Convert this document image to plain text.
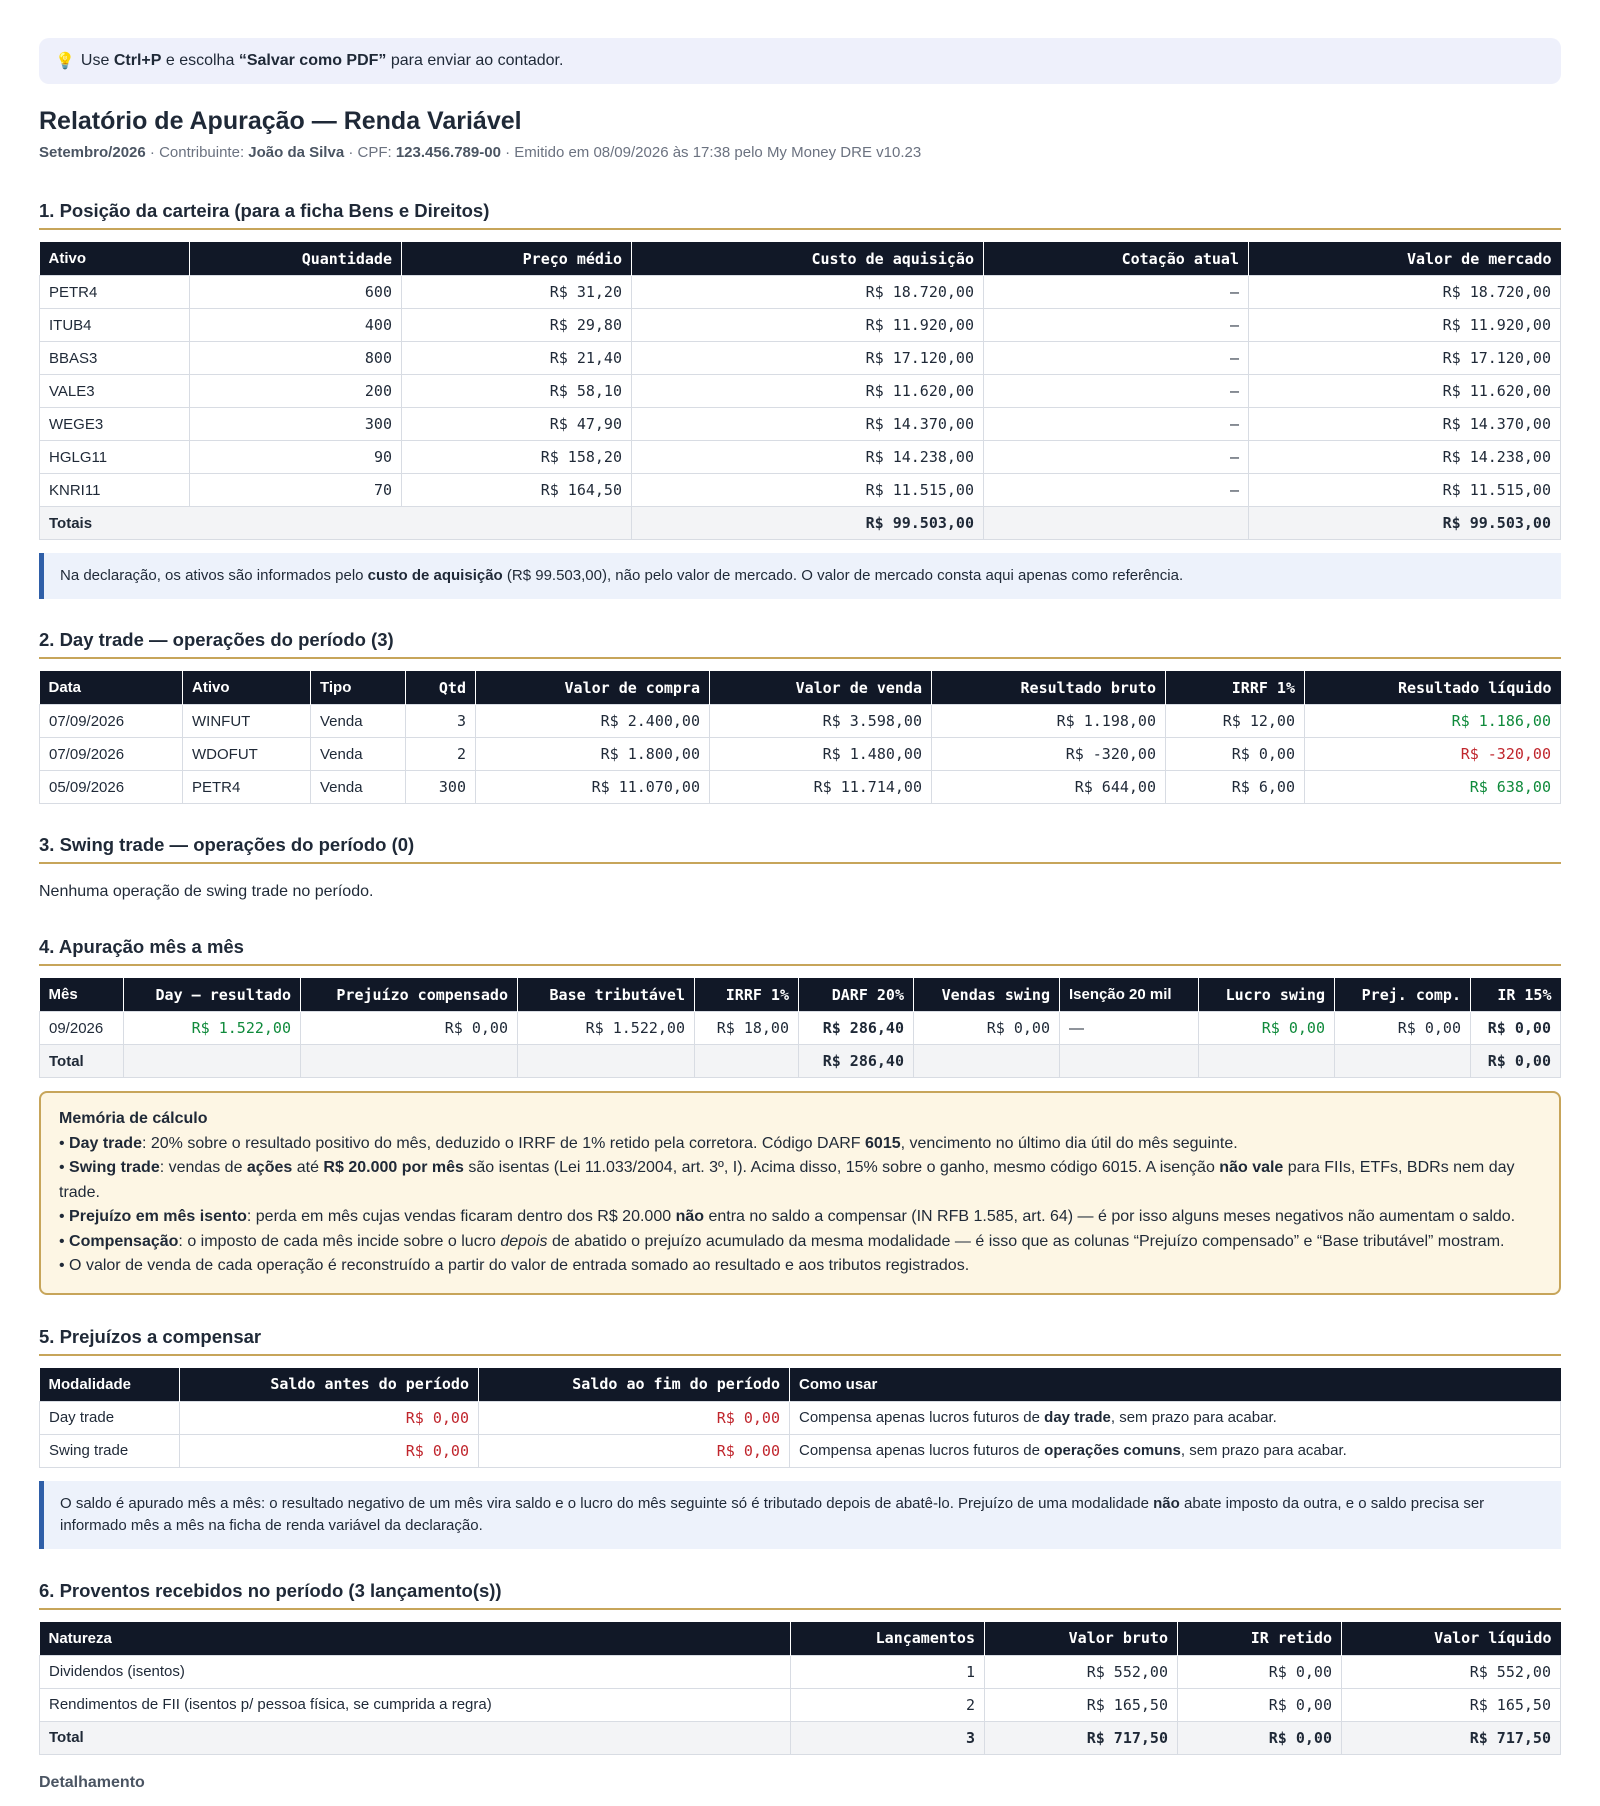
💡 Use
Ctrl+P
e escolha
“Salvar como PDF”
para enviar ao contador.
Relatório de Apuração — Renda Variável
Setembro/2026 · Contribuinte: João da Silva · CPF: 123.456.789-00 · Emitido em 08/09/2026 às 17:38 pelo My Money DRE v10.23
1. Posição da carteira (para a ficha Bens e Direitos)
Ativo	Quantidade	Preço médio	Custo de aquisição	Cotação atual	Valor de mercado
PETR4	600	R$ 31,20	R$ 18.720,00	–	R$ 18.720,00
ITUB4	400	R$ 29,80	R$ 11.920,00	–	R$ 11.920,00
BBAS3	800	R$ 21,40	R$ 17.120,00	–	R$ 17.120,00
VALE3	200	R$ 58,10	R$ 11.620,00	–	R$ 11.620,00
WEGE3	300	R$ 47,90	R$ 14.370,00	–	R$ 14.370,00
HGLG11	90	R$ 158,20	R$ 14.238,00	–	R$ 14.238,00
KNRI11	70	R$ 164,50	R$ 11.515,00	–	R$ 11.515,00
Totais			R$ 99.503,00		R$ 99.503,00
Na declaração, os ativos são informados pelo custo de aquisição (R$ 99.503,00), não pelo valor de mercado. O valor de mercado consta aqui apenas como referência.
2. Day trade — operações do período (3)
Data	Ativo	Tipo	Qtd	Valor de compra	Valor de venda	Resultado bruto	IRRF 1%	Resultado líquido
07/09/2026	WINFUT	Venda	3	R$ 2.400,00	R$ 3.598,00	R$ 1.198,00	R$ 12,00	R$ 1.186,00
07/09/2026	WDOFUT	Venda	2	R$ 1.800,00	R$ 1.480,00	R$ -320,00	R$ 0,00	R$ -320,00
05/09/2026	PETR4	Venda	300	R$ 11.070,00	R$ 11.714,00	R$ 644,00	R$ 6,00	R$ 638,00
3. Swing trade — operações do período (0)
Nenhuma operação de swing trade no período.
4. Apuração mês a mês
Mês	Day – resultado	Prejuízo compensado	Base tributável	IRRF 1%	DARF 20%	Vendas swing	Isenção 20 mil	Lucro swing	Prej. comp.	IR 15%
09/2026	R$ 1.522,00	R$ 0,00	R$ 1.522,00	R$ 18,00	R$ 286,40	R$ 0,00	—	R$ 0,00	R$ 0,00	R$ 0,00
Total					R$ 286,40					R$ 0,00
Memória de cálculo
• Day trade: 20% sobre o resultado positivo do mês, deduzido o IRRF de 1% retido pela corretora. Código DARF 6015, vencimento no último dia útil do mês seguinte.
• Swing trade: vendas de ações até R$ 20.000 por mês são isentas (Lei 11.033/2004, art. 3º, I). Acima disso, 15% sobre o ganho, mesmo código 6015. A isenção não vale para FIIs, ETFs, BDRs nem day trade.
• Prejuízo em mês isento: perda em mês cujas vendas ficaram dentro dos R$ 20.000 não entra no saldo a compensar (IN RFB 1.585, art. 64) — é por isso alguns meses negativos não aumentam o saldo.
• Compensação: o imposto de cada mês incide sobre o lucro depois de abatido o prejuízo acumulado da mesma modalidade — é isso que as colunas “Prejuízo compensado” e “Base tributável” mostram.
• O valor de venda de cada operação é reconstruído a partir do valor de entrada somado ao resultado e aos tributos registrados.
5. Prejuízos a compensar
Modalidade	Saldo antes do período	Saldo ao fim do período	Como usar
Day trade	R$ 0,00	R$ 0,00	Compensa apenas lucros futuros de day trade, sem prazo para acabar.
Swing trade	R$ 0,00	R$ 0,00	Compensa apenas lucros futuros de operações comuns, sem prazo para acabar.
O saldo é apurado mês a mês: o resultado negativo de um mês vira saldo e o lucro do mês seguinte só é tributado depois de abatê-lo. Prejuízo de uma modalidade não abate imposto da outra, e o saldo precisa ser informado mês a mês na ficha de renda variável da declaração.
6. Proventos recebidos no período (3 lançamento(s))
Natureza	Lançamentos	Valor bruto	IR retido	Valor líquido
Dividendos (isentos)	1	R$ 552,00	R$ 0,00	R$ 552,00
Rendimentos de FII (isentos p/ pessoa física, se cumprida a regra)	2	R$ 165,50	R$ 0,00	R$ 165,50
Total	3	R$ 717,50	R$ 0,00	R$ 717,50
Detalhamento
